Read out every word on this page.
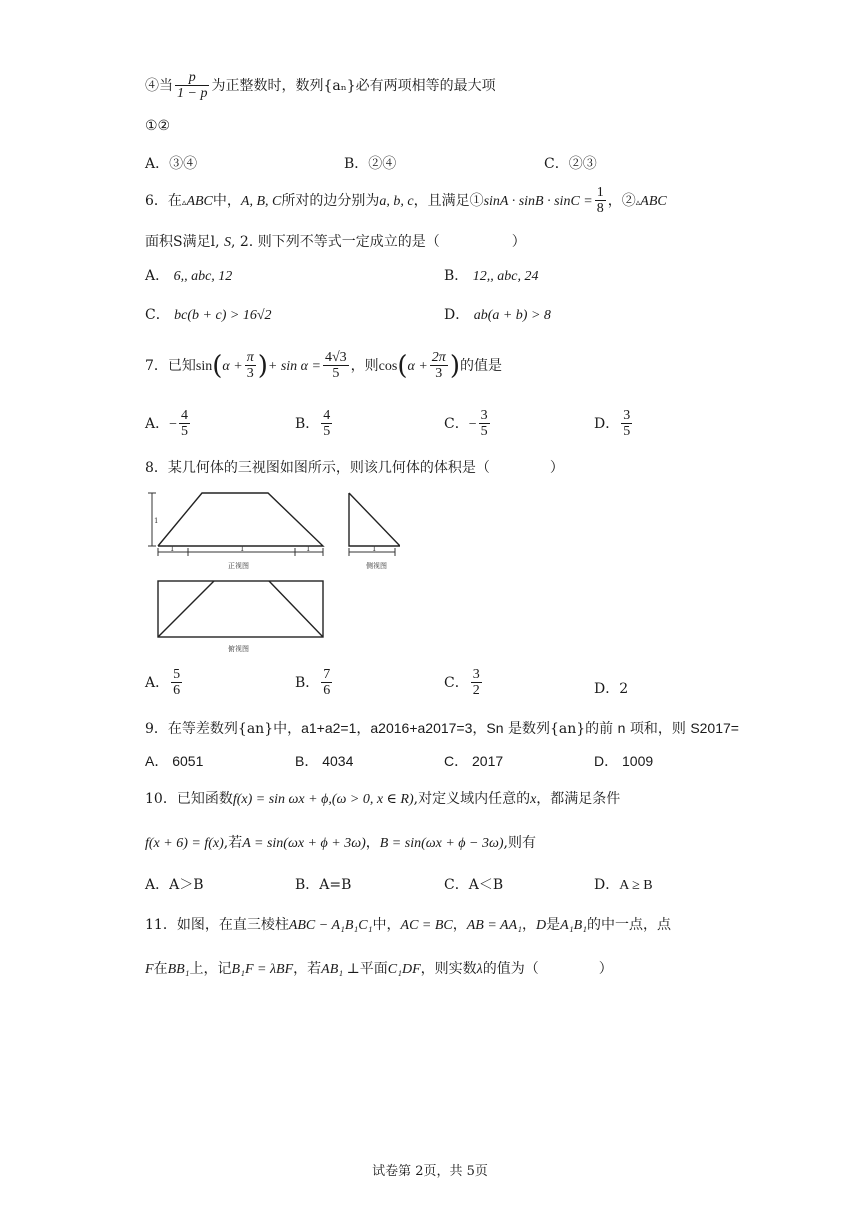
④当 $\frac{p}{1 - p}$ 为正整数时，数列{aₙ}必有两项相等的最大项
①②
A．③④	B．②④	C．②③
6．在▵ABC中，A, B, C所对的边分别为a, b, c，且满足①sinA · $\sin B \cdot \sin C = \frac{1}{8}$ ，②▵ABC
面积S满足l, S, 2. 则下列不等式一定成立的是（	）
A． 6,, abc, 12	B． 12,, abc, 24
C． bc(b + c) > 16√2	D． ab(a + b) > 8
7．已知$\sin(\alpha + \frac{\pi}{3}$ )+ $\sin \alpha = \frac{4√3}{5}$ ，则$\cos(\alpha + \frac{2\pi}{3}$ )的值是
A．− $\frac{4}{5}$	B． $\frac{4}{5}$	C．− $\frac{3}{5}$	D． $\frac{3}{5}$
8．某几何体的三视图如图所示，则该几何体的体积是（	）
1
1	1	1
正视图
1
侧视图
俯视图
A． $\frac{5}{6}$	B． $\frac{7}{6}$	C． $\frac{3}{2}$	D．2
9．在等差数列{an}中，a1+a2=1，a2016+a2017=3，Sn 是数列{an}的前 n 项和，则 S2017=
A． 6051	B． 4034	C． 2017	D． 1009
10．已知函数f(x) = sin ωx + ϕ,(ω > 0, x ∈ R),对定义域内任意的x，都满足条件
f(x + 6) = f(x),若A = sin(ωx + ϕ + 3ω)，B = sin(ωx + ϕ − 3ω),则有
A．A＞B	B．A=B	C．A＜B	D．A ≥ B
11．如图，在直三棱柱ABC − A₁B₁C₁中，AC = BC，AB = AA₁，D是A₁B₁的中一点，点
F在BB₁上，记B₁F = λBF，若AB₁ ⊥平面C₁DF，则实数λ的值为（	）
试卷第 2页，共 5页
